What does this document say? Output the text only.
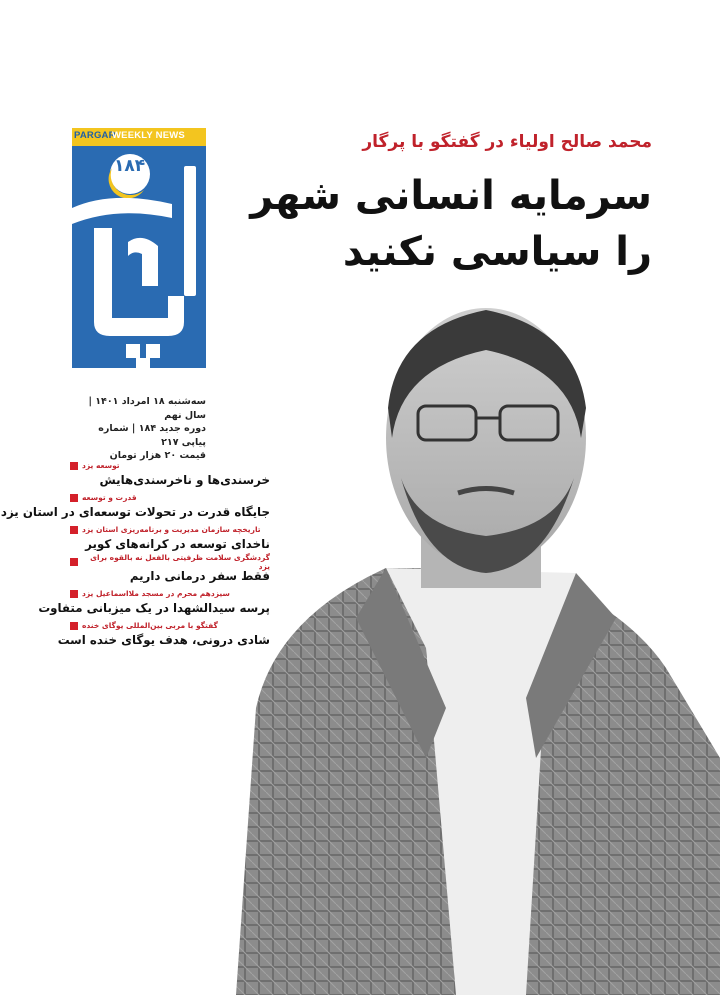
PARGAR
WEEKLY NEWS
۱۸۴
سه‌شنبه ۱۸ امرداد ۱۴۰۱ | سال نهم
دوره جدید ۱۸۴ | شماره پیاپی ۲۱۷
قیمت ۲۰ هزار تومان
محمد صالح اولیاء در گفتگو با پرگار
سرمایه انسانی شهر
را سیاسی نکنید
توسعه یزد
خرسندی‌ها و ناخرسندی‌هایش
قدرت و توسعه
جایگاه قدرت در تحولات توسعه‌ای در استان یزد
تاریخچه سازمان مدیریت و برنامه‌ریزی استان یزد
ناخدای توسعه در کرانه‌های کویر
گردشگری سلامت ظرفیتی بالفعل نه بالقوه برای یزد
فقط سفر درمانی داریم
سیزدهم محرم در مسجد ملااسماعیل یزد
پرسه سیدالشهدا در یک میزبانی متفاوت
گفتگو با مربی بین‌المللی یوگای خنده
شادی درونی، هدف یوگای خنده است
